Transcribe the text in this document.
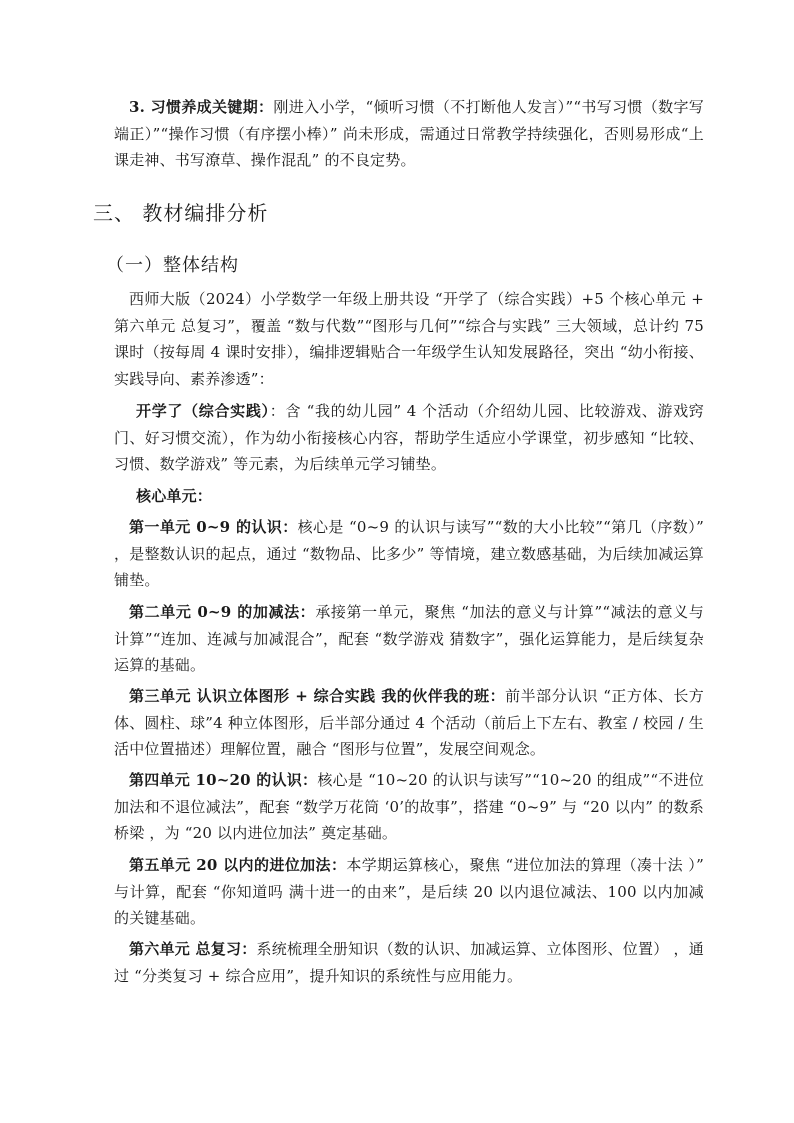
3. 习惯养成关键期：刚进入小学，“倾听习惯（不打断他人发言）”“书写习惯（数字写端正）”“操作习惯（有序摆小棒）” 尚未形成，需通过日常教学持续强化，否则易形成“上课走神、书写潦草、操作混乱” 的不良定势。

三、 教材编排分析
（一）整体结构

西师大版（2024）小学数学一年级上册共设 “开学了（综合实践）+5 个核心单元 + 第六单元 总复习”，覆盖 “数与代数”“图形与几何”“综合与实践” 三大领域，总计约 75 课时（按每周 4 课时安排），编排逻辑贴合一年级学生认知发展路径，突出 “幼小衔接、实践导向、素养渗透”：

开学了（综合实践）：含 “我的幼儿园” 4 个活动（介绍幼儿园、比较游戏、游戏窍门、好习惯交流），作为幼小衔接核心内容，帮助学生适应小学课堂，初步感知 “比较、习惯、数学游戏” 等元素，为后续单元学习铺垫。

核心单元：

第一单元 0~9 的认识：核心是 “0~9 的认识与读写”“数的大小比较”“第几（序数）” ，是整数认识的起点，通过 “数物品、比多少” 等情境，建立数感基础，为后续加减运算铺垫。

第二单元 0~9 的加减法：承接第一单元，聚焦 “加法的意义与计算”“减法的意义与计算”“连加、连减与加减混合”，配套 “数学游戏 猜数字”，强化运算能力，是后续复杂运算的基础。

第三单元 认识立体图形 + 综合实践 我的伙伴我的班：前半部分认识 “正方体、长方体、圆柱、球”4 种立体图形，后半部分通过 4 个活动（前后上下左右、教室 / 校园 / 生活中位置描述）理解位置，融合 “图形与位置”，发展空间观念。

第四单元 10~20 的认识：核心是 “10~20 的认识与读写”“10~20 的组成”“不进位加法和不退位减法”，配套 “数学万花筒 ‘0’的故事”，搭建 “0~9” 与 “20 以内” 的数系桥梁 ，为 “20 以内进位加法” 奠定基础。

第五单元 20 以内的进位加法：本学期运算核心，聚焦 “进位加法的算理（凑十法 ）” 与计算，配套 “你知道吗 满十进一的由来”，是后续 20 以内退位减法、100 以内加减的关键基础。

第六单元 总复习：系统梳理全册知识（数的认识、加减运算、立体图形、位置） ，通过 “分类复习 + 综合应用”，提升知识的系统性与应用能力。
